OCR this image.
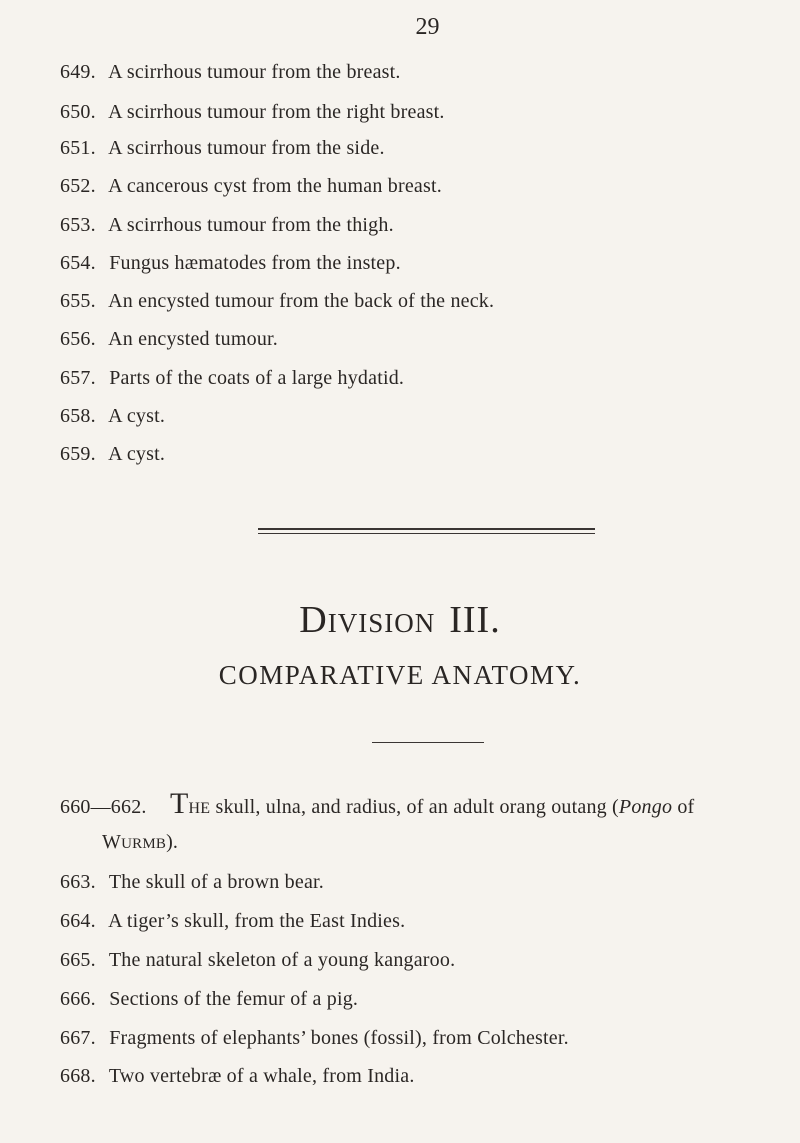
29
649. A scirrhous tumour from the breast.
650. A scirrhous tumour from the right breast.
651. A scirrhous tumour from the side.
652. A cancerous cyst from the human breast.
653. A scirrhous tumour from the thigh.
654. Fungus hæmatodes from the instep.
655. An encysted tumour from the back of the neck.
656. An encysted tumour.
657. Parts of the coats of a large hydatid.
658. A cyst.
659. A cyst.
DIVISION III.
COMPARATIVE ANATOMY.
660—662. THE skull, ulna, and radius, of an adult orang outang (Pongo of
WURMB).
663. The skull of a brown bear.
664. A tiger’s skull, from the East Indies.
665. The natural skeleton of a young kangaroo.
666. Sections of the femur of a pig.
667. Fragments of elephants’ bones (fossil), from Colchester.
668. Two vertebræ of a whale, from India.
